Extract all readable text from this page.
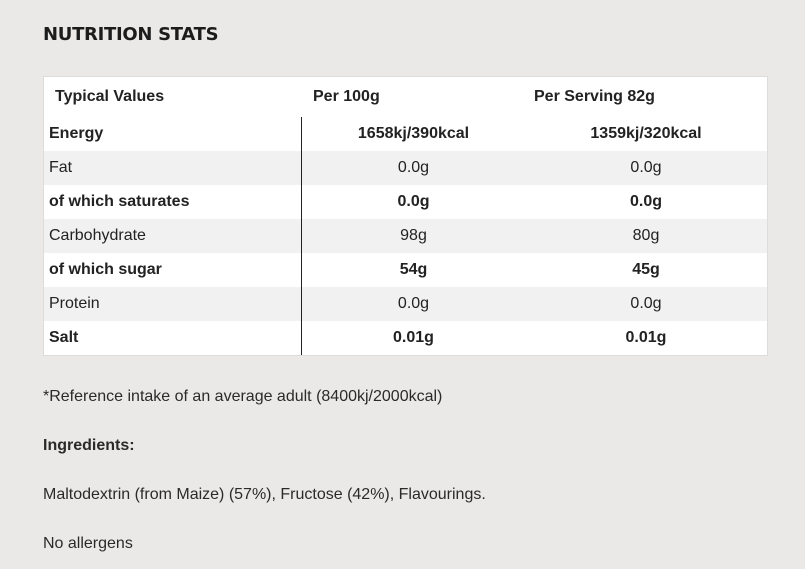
NUTRITION STATS
Typical Values	Per 100g	Per Serving 82g
Energy	1658kj/390kcal	1359kj/320kcal
Fat	0.0g	0.0g
of which saturates	0.0g	0.0g
Carbohydrate	98g	80g
of which sugar	54g	45g
Protein	0.0g	0.0g
Salt	0.01g	0.01g
*Reference intake of an average adult (8400kj/2000kcal)
Ingredients:
Maltodextrin (from Maize) (57%), Fructose (42%), Flavourings.
No allergens
